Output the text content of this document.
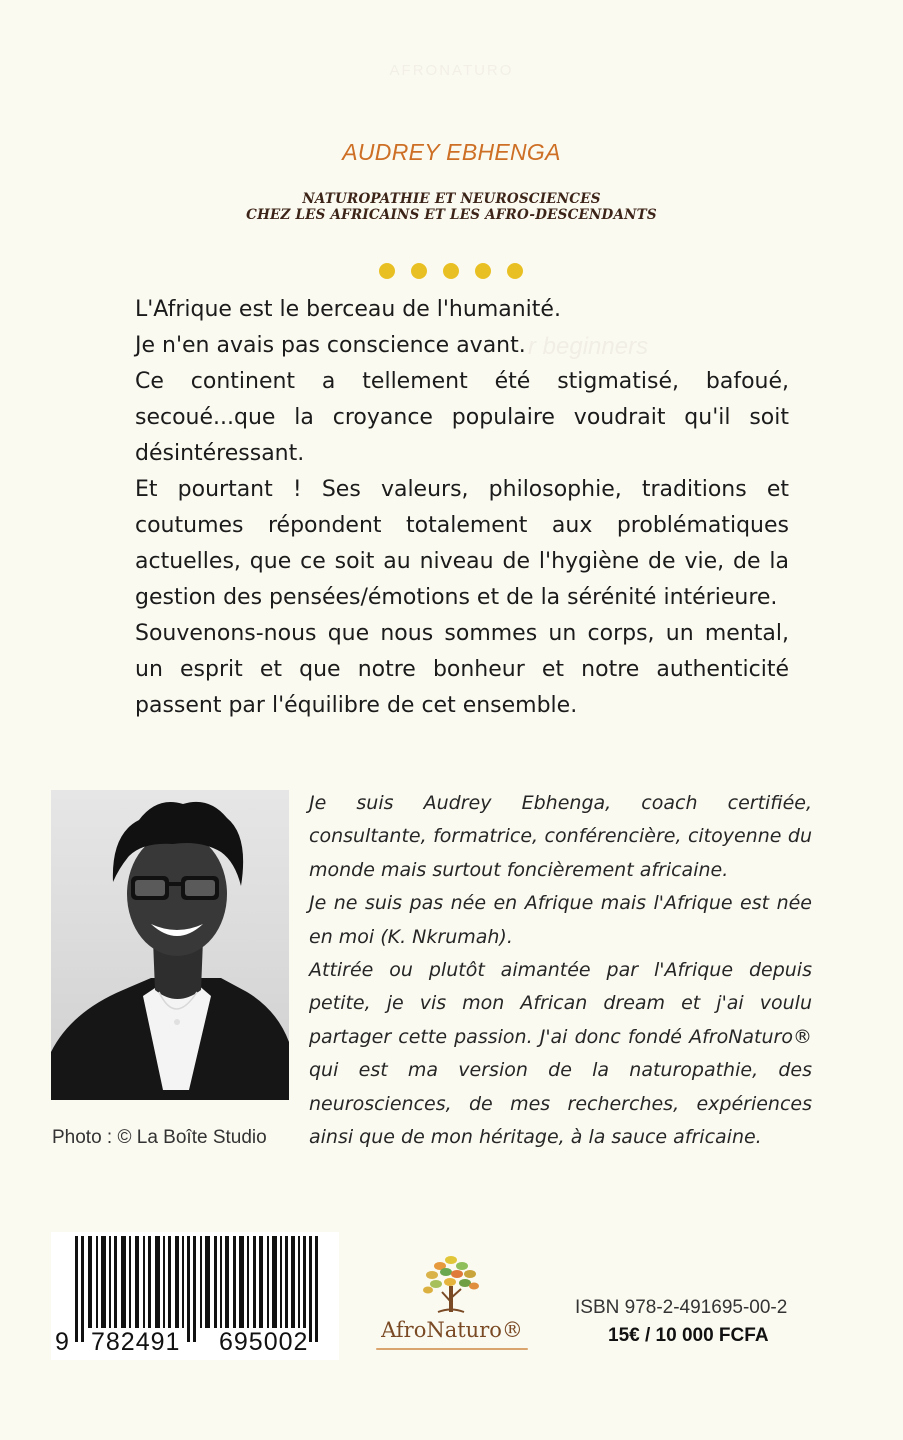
AFRONATURO
AUDREY EBHENGA
NATUROPATHIE ET NEUROSCIENCES
CHEZ LES AFRICAINS ET LES AFRO-DESCENDANTS
r beginners

L'Afrique est le berceau de l'humanité.

Je n'en avais pas conscience avant.

Ce continent a tellement été stigmatisé, bafoué, secoué...que la croyance populaire voudrait qu'il soit désintéressant.

Et pourtant ! Ses valeurs, philosophie, traditions et coutumes répondent totalement aux problématiques actuelles, que ce soit au niveau de l'hygiène de vie, de la gestion des pensées/émotions et de la sérénité intérieure.

Souvenons-nous que nous sommes un corps, un mental, un esprit et que notre bonheur et notre authenticité passent par l'équilibre de cet ensemble.

Photo : © La Boîte Studio

Je suis Audrey Ebhenga, coach certifiée, consultante, formatrice, conférencière, citoyenne du monde mais surtout foncièrement africaine.

Je ne suis pas née en Afrique mais l'Afrique est née en moi (K. Nkrumah).

Attirée ou plutôt aimantée par l'Afrique depuis petite, je vis mon African dream et j'ai voulu partager cette passion. J'ai donc fondé AfroNaturo® qui est ma version de la naturopathie, des neurosciences, de mes recherches, expériences ainsi que de mon héritage, à la sauce africaine.

9 782491 695002	AfroNaturo®
ISBN 978-2-491695-00-2
15€ / 10 000 FCFA
